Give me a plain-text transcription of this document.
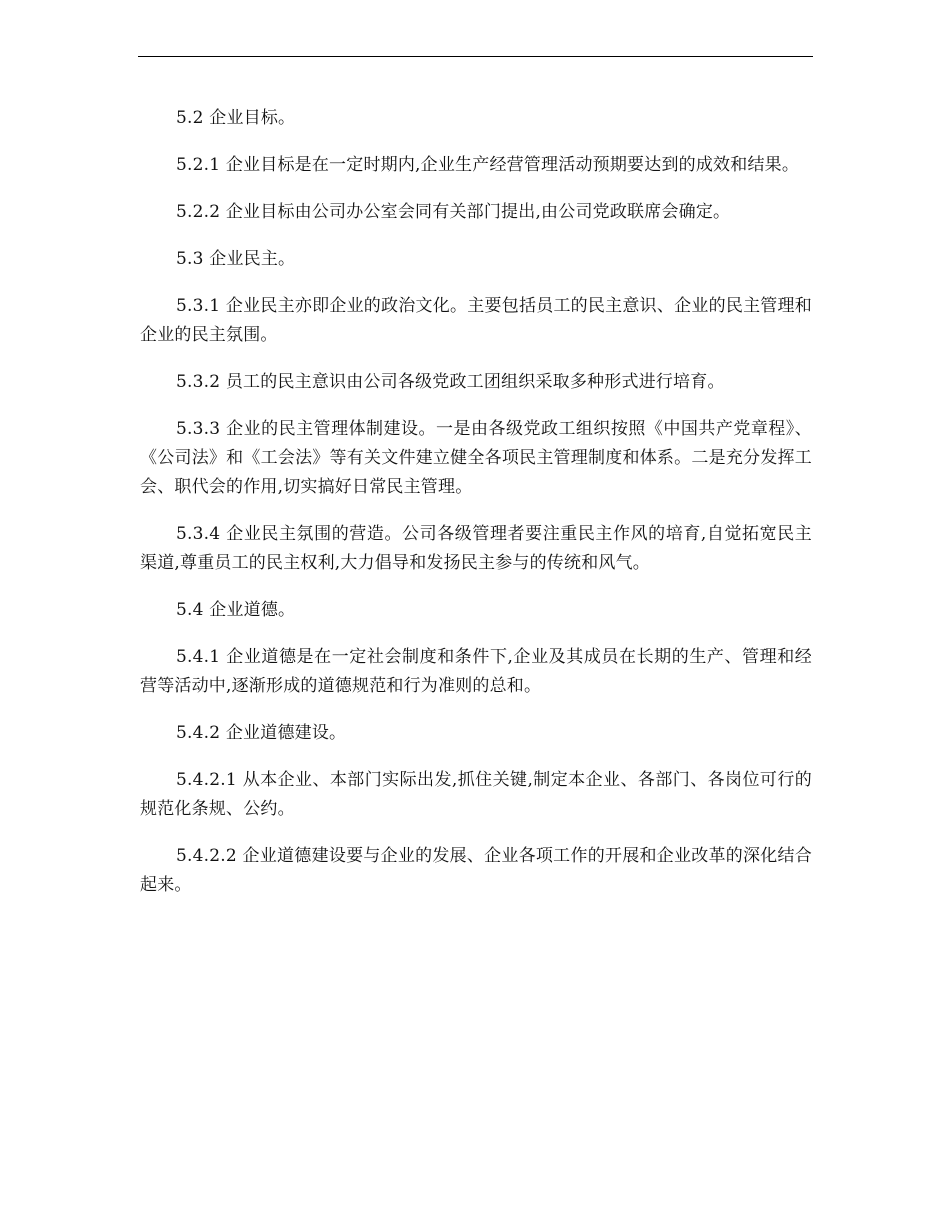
5.2 企业目标。

5.2.1 企业目标是在一定时期内,企业生产经营管理活动预期要达到的成效和结果。

5.2.2 企业目标由公司办公室会同有关部门提出,由公司党政联席会确定。

5.3 企业民主。

5.3.1 企业民主亦即企业的政治文化。主要包括员工的民主意识、企业的民主管理和企业的民主氛围。

5.3.2 员工的民主意识由公司各级党政工团组织采取多种形式进行培育。

5.3.3 企业的民主管理体制建设。一是由各级党政工组织按照《中国共产党章程》、《公司法》和《工会法》等有关文件建立健全各项民主管理制度和体系。二是充分发挥工会、职代会的作用,切实搞好日常民主管理。

5.3.4 企业民主氛围的营造。公司各级管理者要注重民主作风的培育,自觉拓宽民主渠道,尊重员工的民主权利,大力倡导和发扬民主参与的传统和风气。

5.4 企业道德。

5.4.1 企业道德是在一定社会制度和条件下,企业及其成员在长期的生产、管理和经营等活动中,逐渐形成的道德规范和行为准则的总和。

5.4.2 企业道德建设。

5.4.2.1 从本企业、本部门实际出发,抓住关键,制定本企业、各部门、各岗位可行的规范化条规、公约。

5.4.2.2 企业道德建设要与企业的发展、企业各项工作的开展和企业改革的深化结合起来。
